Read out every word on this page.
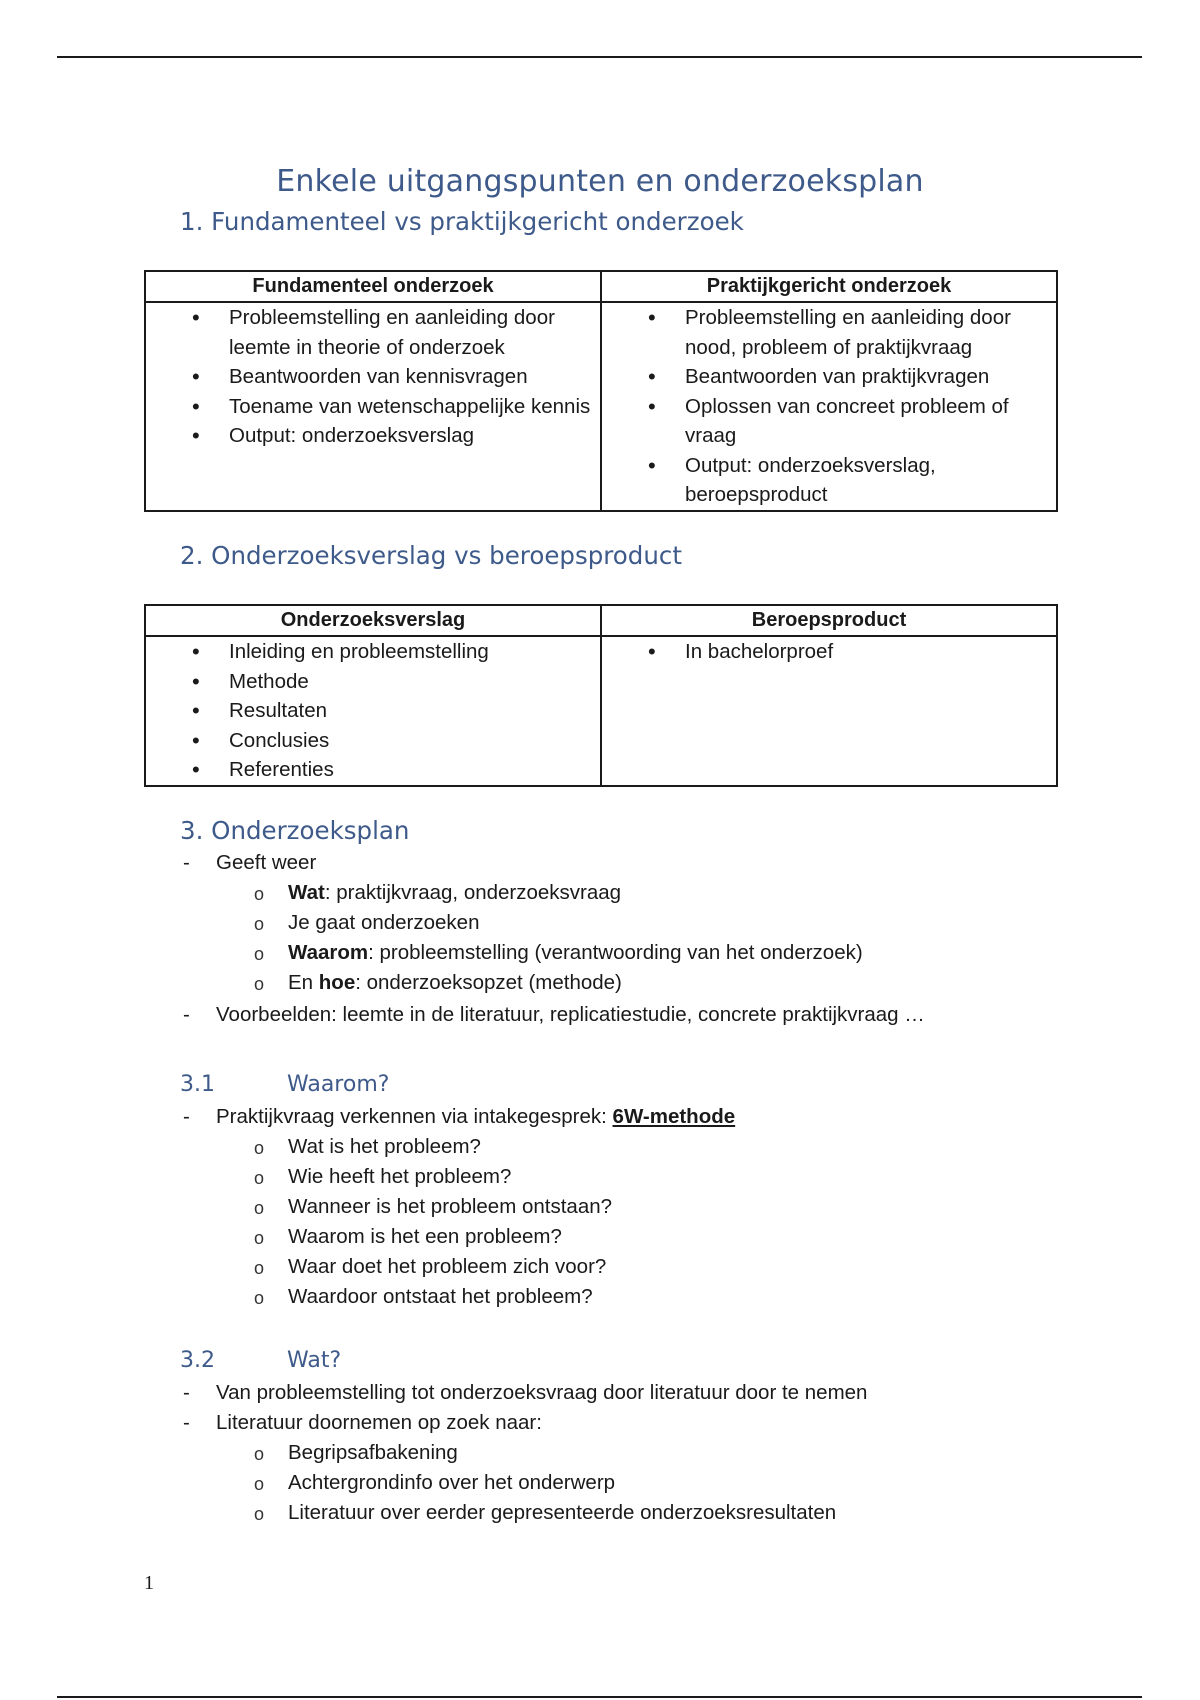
Enkele uitgangspunten en onderzoeksplan
1. Fundamenteel vs praktijkgericht onderzoek
Fundamenteel onderzoek	Praktijkgericht onderzoek

• Probleemstelling en aanleiding door leemte in theorie of onderzoek
• Beantwoorden van kennisvragen
• Toename van wetenschappelijke kennis
• Output: onderzoeksverslag

• Probleemstelling en aanleiding door nood, probleem of praktijkvraag
• Beantwoorden van praktijkvragen
• Oplossen van concreet probleem of vraag
• Output: onderzoeksverslag, beroepsproduct
2. Onderzoeksverslag vs beroepsproduct
Onderzoeksverslag	Beroepsproduct

• Inleiding en probleemstelling
• Methode
• Resultaten
• Conclusies
• Referenties

• In bachelorproef
3. Onderzoeksplan
- Geeft weer
o Wat: praktijkvraag, onderzoeksvraag
o Je gaat onderzoeken
o Waarom: probleemstelling (verantwoording van het onderzoek)
o En hoe: onderzoeksopzet (methode)
- Voorbeelden: leemte in de literatuur, replicatiestudie, concrete praktijkvraag …
3.1	Waarom?
- Praktijkvraag verkennen via intakegesprek: 6W-methode
o Wat is het probleem?
o Wie heeft het probleem?
o Wanneer is het probleem ontstaan?
o Waarom is het een probleem?
o Waar doet het probleem zich voor?
o Waardoor ontstaat het probleem?
3.2	Wat?
- Van probleemstelling tot onderzoeksvraag door literatuur door te nemen
- Literatuur doornemen op zoek naar:
o Begripsafbakening
o Achtergrondinfo over het onderwerp
o Literatuur over eerder gepresenteerde onderzoeksresultaten
1
